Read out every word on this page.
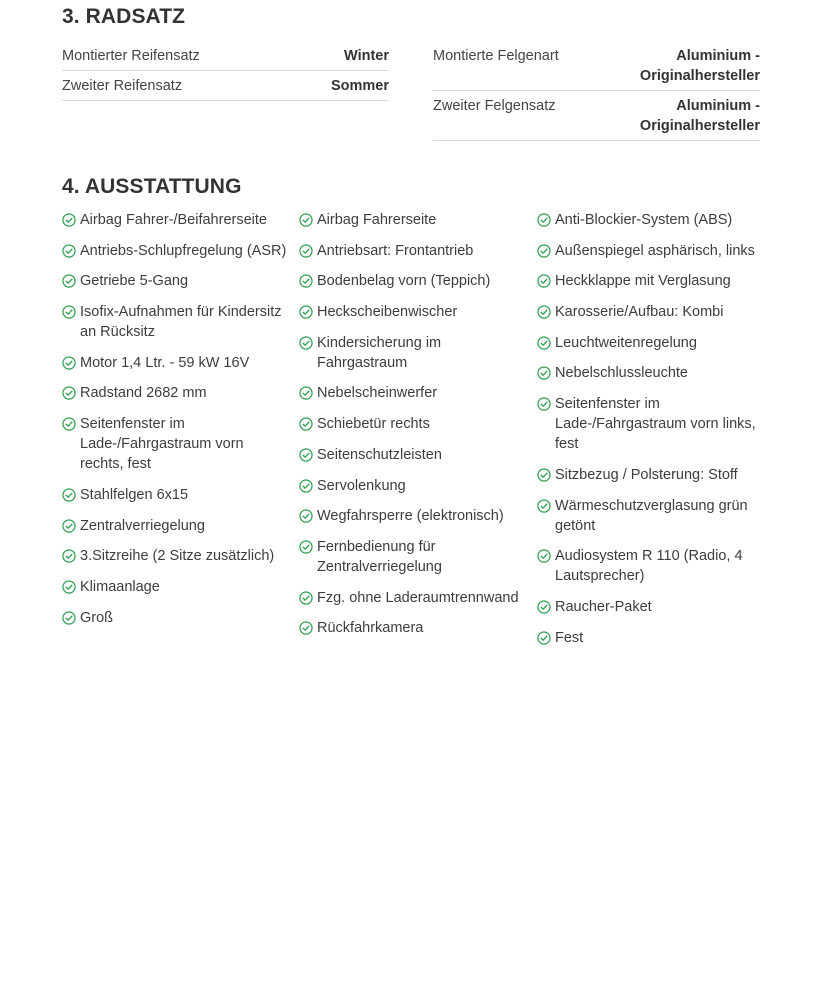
3. RADSATZ
Montierter Reifensatz	Winter
Zweiter Reifensatz	Sommer
Montierte Felgenart	Aluminium - Originalhersteller
Zweiter Felgensatz	Aluminium - Originalhersteller
4. AUSSTATTUNG
Airbag Fahrer-/Beifahrerseite
Antriebs-Schlupfregelung (ASR)
Getriebe 5-Gang
Isofix-Aufnahmen für Kindersitz an Rücksitz
Motor 1,4 Ltr. - 59 kW 16V
Radstand 2682 mm
Seitenfenster im Lade-/Fahrgastraum vorn rechts, fest
Stahlfelgen 6x15
Zentralverriegelung
3.Sitzreihe (2 Sitze zusätzlich)
Klimaanlage
Groß
Airbag Fahrerseite
Antriebsart: Frontantrieb
Bodenbelag vorn (Teppich)
Heckscheibenwischer
Kindersicherung im Fahrgastraum
Nebelscheinwerfer
Schiebetür rechts
Seitenschutzleisten
Servolenkung
Wegfahrsperre (elektronisch)
Fernbedienung für Zentralverriegelung
Fzg. ohne Laderaumtrennwand
Rückfahrkamera
Anti-Blockier-System (ABS)
Außenspiegel asphärisch, links
Heckklappe mit Verglasung
Karosserie/Aufbau: Kombi
Leuchtweitenregelung
Nebelschlussleuchte
Seitenfenster im Lade-/Fahrgastraum vorn links, fest
Sitzbezug / Polsterung: Stoff
Wärmeschutzverglasung grün getönt
Audiosystem R 110 (Radio, 4 Lautsprecher)
Raucher-Paket
Fest
